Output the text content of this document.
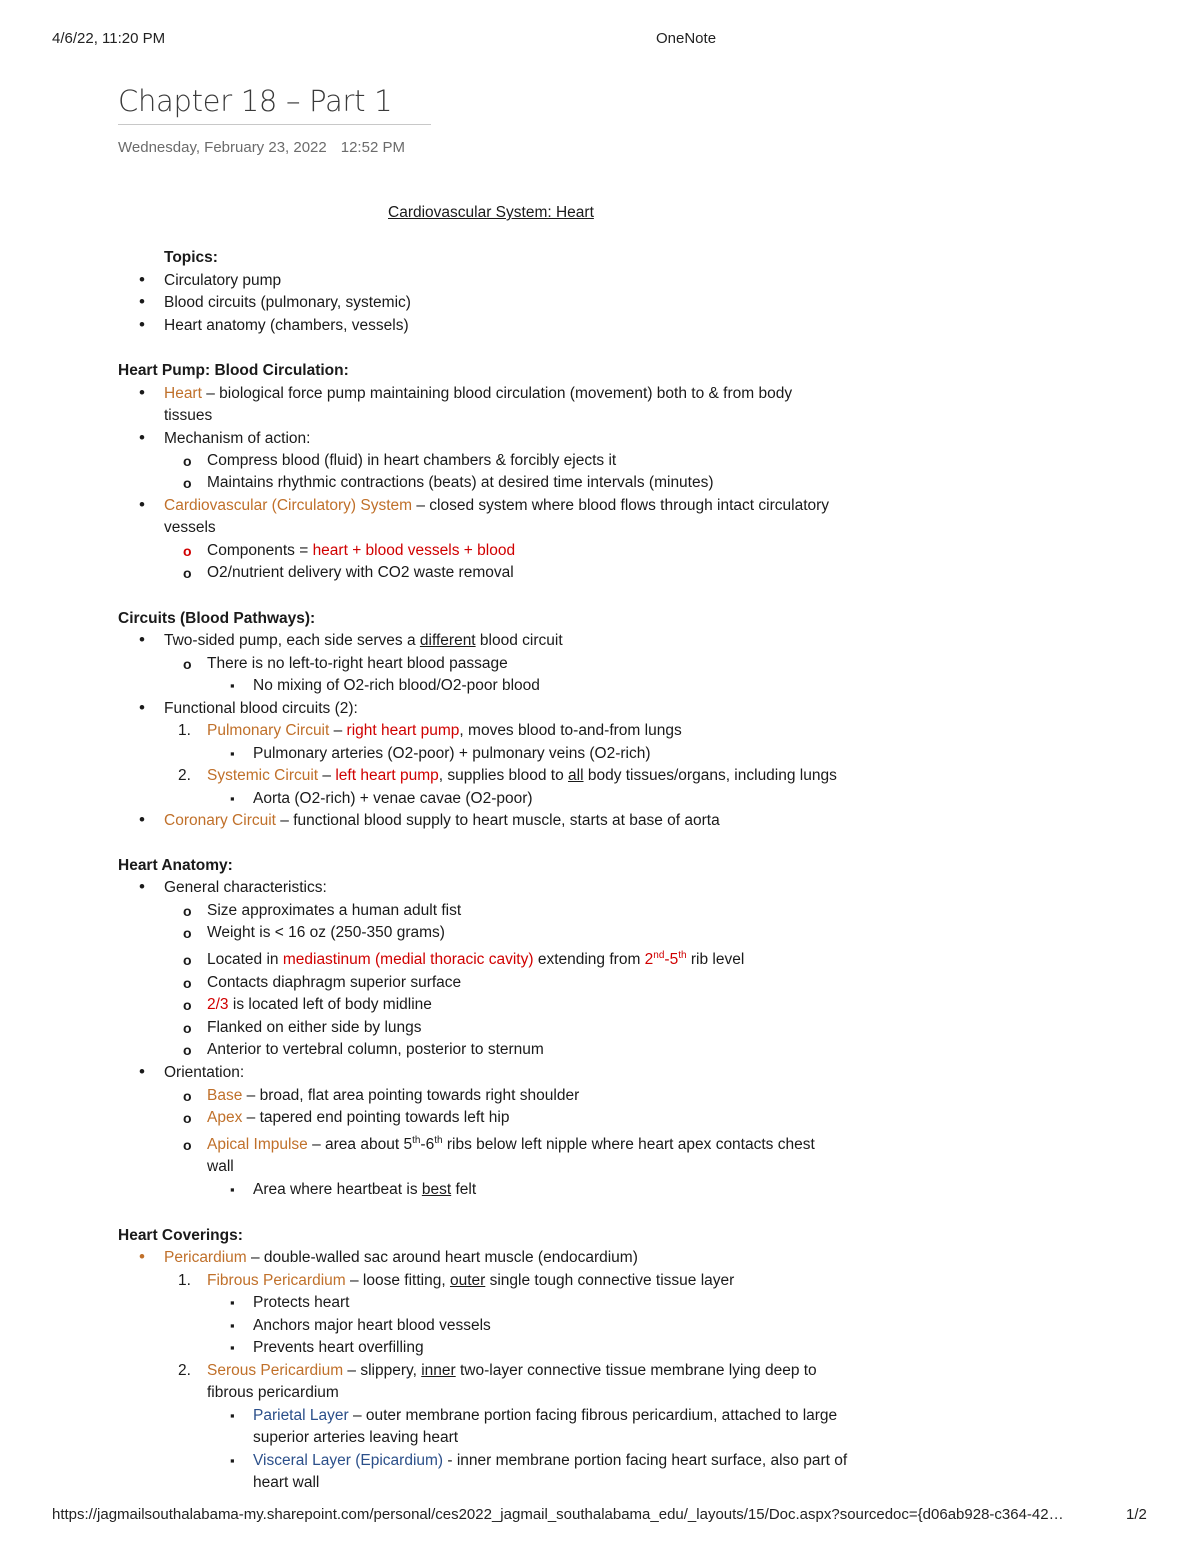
4/6/22, 11:20 PM	OneNote
Chapter 18 – Part 1
Wednesday, February 23, 2022 12:52 PM
Cardiovascular System: Heart
Topics:
•
Circulatory pump
•
Blood circuits (pulmonary, systemic)
•
Heart anatomy (chambers, vessels)
Heart Pump: Blood Circulation:
•
Heart – biological force pump maintaining blood circulation (movement) both to & from body
tissues
•
Mechanism of action:
o
Compress blood (fluid) in heart chambers & forcibly ejects it
o
Maintains rhythmic contractions (beats) at desired time intervals (minutes)
•
Cardiovascular (Circulatory) System – closed system where blood flows through intact circulatory
vessels
o
Components = heart + blood vessels + blood
o
O2/nutrient delivery with CO2 waste removal
Circuits (Blood Pathways):
•
Two-sided pump, each side serves a different blood circuit
o
There is no left-to-right heart blood passage
▪
No mixing of O2-rich blood/O2-poor blood
•
Functional blood circuits (2):
1. Pulmonary Circuit – right heart pump, moves blood to-and-from lungs
▪
Pulmonary arteries (O2-poor) + pulmonary veins (O2-rich)
2. Systemic Circuit – left heart pump, supplies blood to all body tissues/organs, including lungs
▪
Aorta (O2-rich) + venae cavae (O2-poor)
•
Coronary Circuit – functional blood supply to heart muscle, starts at base of aorta
Heart Anatomy:
•
General characteristics:
o
Size approximates a human adult fist
o
Weight is < 16 oz (250-350 grams)
o
Located in mediastinum (medial thoracic cavity) extending from 2nd-5th rib level
o
Contacts diaphragm superior surface
o
2/3 is located left of body midline
o
Flanked on either side by lungs
o
Anterior to vertebral column, posterior to sternum
•
Orientation:
o
Base – broad, flat area pointing towards right shoulder
o
Apex – tapered end pointing towards left hip
o
Apical Impulse – area about 5th-6th ribs below left nipple where heart apex contacts chest
wall
▪
Area where heartbeat is best felt
Heart Coverings:
•
Pericardium – double-walled sac around heart muscle (endocardium)
1. Fibrous Pericardium – loose fitting, outer single tough connective tissue layer
▪
Protects heart
▪
Anchors major heart blood vessels
▪
Prevents heart overfilling
2. Serous Pericardium – slippery, inner two-layer connective tissue membrane lying deep to
fibrous pericardium
▪
Parietal Layer – outer membrane portion facing fibrous pericardium, attached to large
superior arteries leaving heart
▪
Visceral Layer (Epicardium) - inner membrane portion facing heart surface, also part of
heart wall
https://jagmailsouthalabama-my.sharepoint.com/personal/ces2022_jagmail_southalabama_edu/_layouts/15/Doc.aspx?sourcedoc={d06ab928-c364-42…	1/2
